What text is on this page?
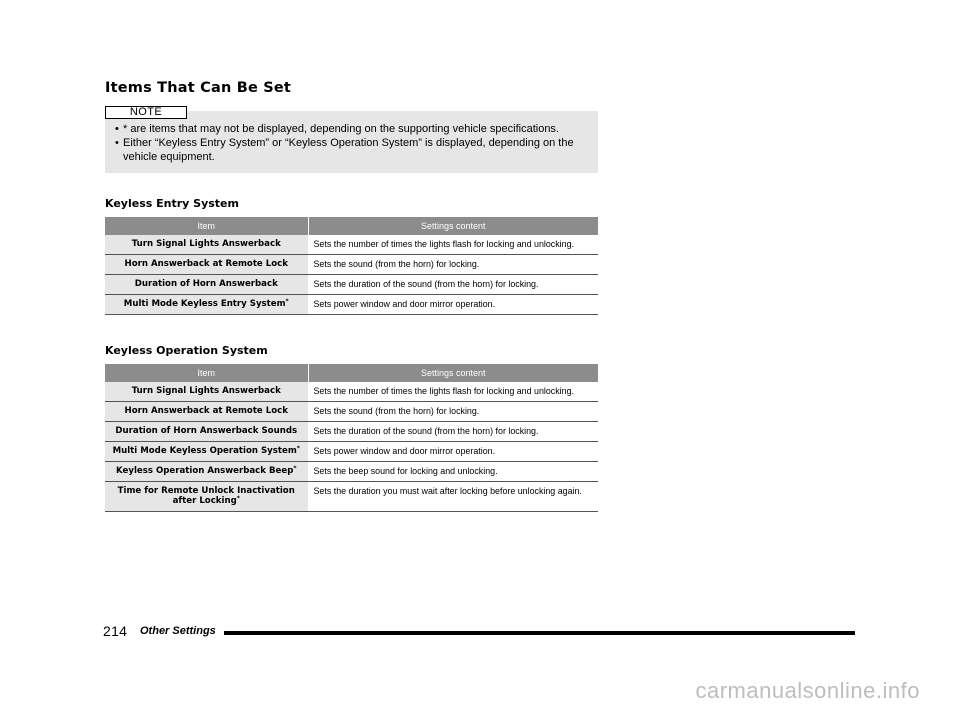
Items That Can Be Set
• * are items that may not be displayed, depending on the supporting vehicle specifications.
• Either “Keyless Entry System” or “Keyless Operation System” is displayed, depending on the vehicle equipment.
NOTE
Keyless Entry System
Item	Settings content
Turn Signal Lights Answerback	Sets the number of times the lights flash for locking and unlocking.
Horn Answerback at Remote Lock	Sets the sound (from the horn) for locking.
Duration of Horn Answerback	Sets the duration of the sound (from the horn) for locking.
Multi Mode Keyless Entry System*	Sets power window and door mirror operation.
Keyless Operation System
Item	Settings content
Turn Signal Lights Answerback	Sets the number of times the lights flash for locking and unlocking.
Horn Answerback at Remote Lock	Sets the sound (from the horn) for locking.
Duration of Horn Answerback Sounds	Sets the duration of the sound (from the horn) for locking.
Multi Mode Keyless Operation System*	Sets power window and door mirror operation.
Keyless Operation Answerback Beep*	Sets the beep sound for locking and unlocking.
Time for Remote Unlock Inactivation after Locking*	Sets the duration you must wait after locking before unlocking again.
214 Other Settings
carmanualsonline.info
